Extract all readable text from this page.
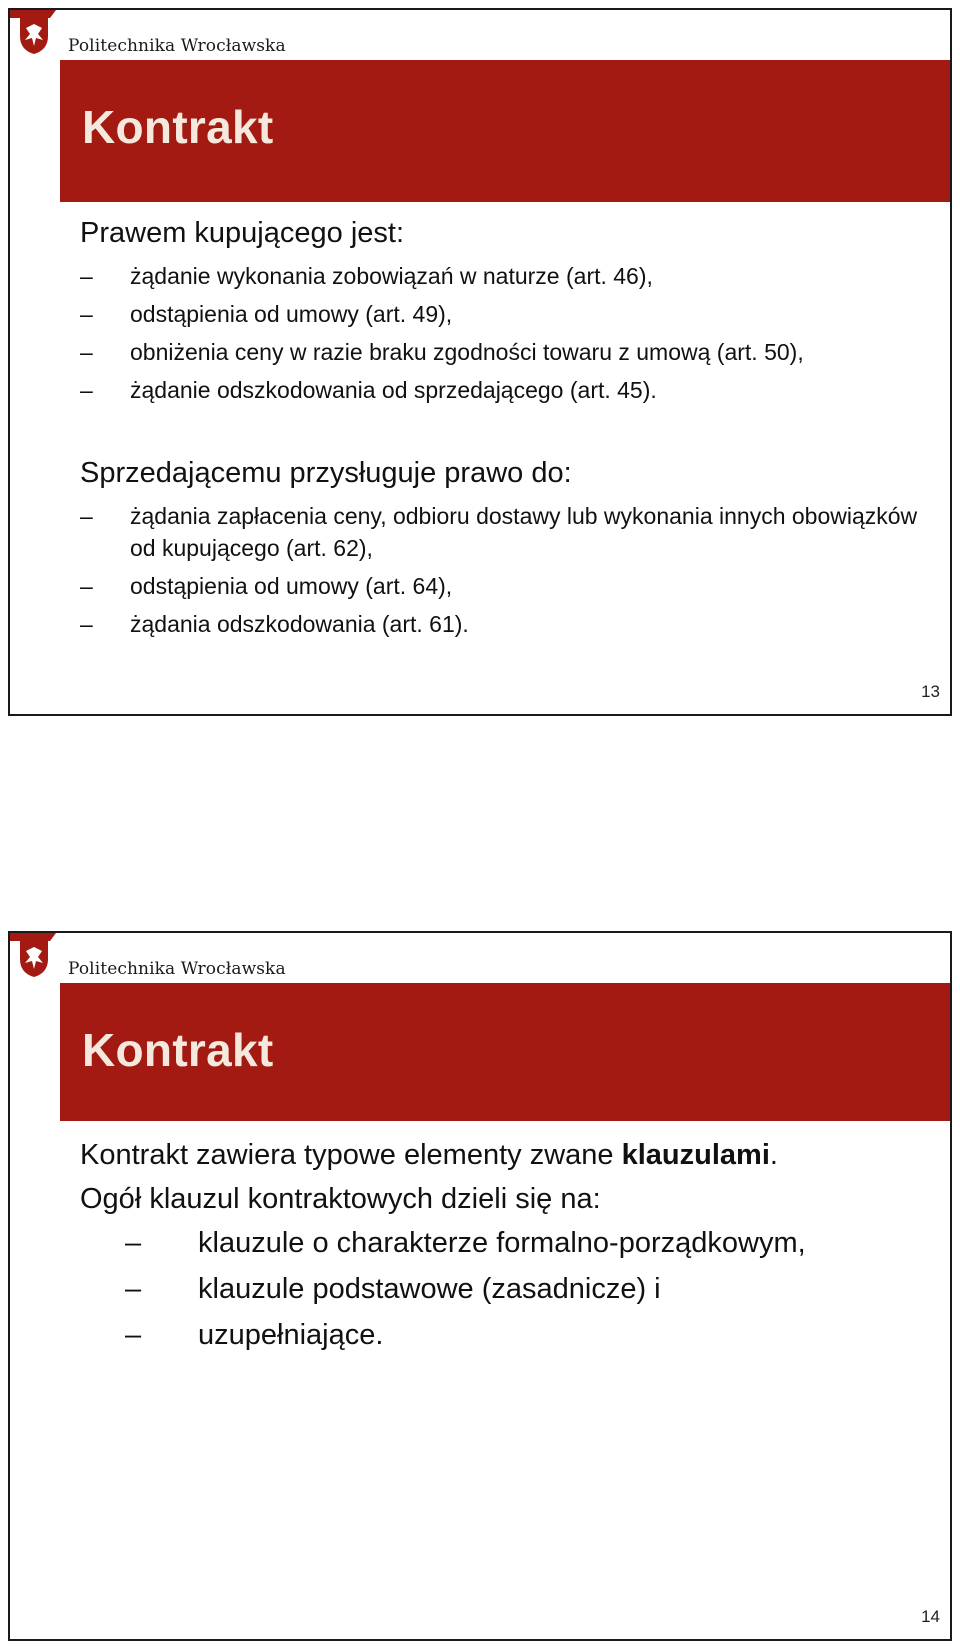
Politechnika Wrocławska
Kontrakt

Prawem kupującego jest:

– żądanie wykonania zobowiązań w naturze (art. 46),
– odstąpienia od umowy (art. 49),
– obniżenia ceny w razie braku zgodności towaru z umową (art. 50),
– żądanie odszkodowania od sprzedającego (art. 45).

Sprzedającemu przysługuje prawo do:

– żądania zapłacenia ceny, odbioru dostawy lub wykonania innych obowiązków od kupującego (art. 62),
– odstąpienia od umowy (art. 64),
– żądania odszkodowania (art. 61).
13
Politechnika Wrocławska
Kontrakt

Kontrakt zawiera typowe elementy zwane klauzulami.

Ogół klauzul kontraktowych dzieli się na:

– klauzule o charakterze formalno-porządkowym,
– klauzule podstawowe (zasadnicze) i
– uzupełniające.
14
